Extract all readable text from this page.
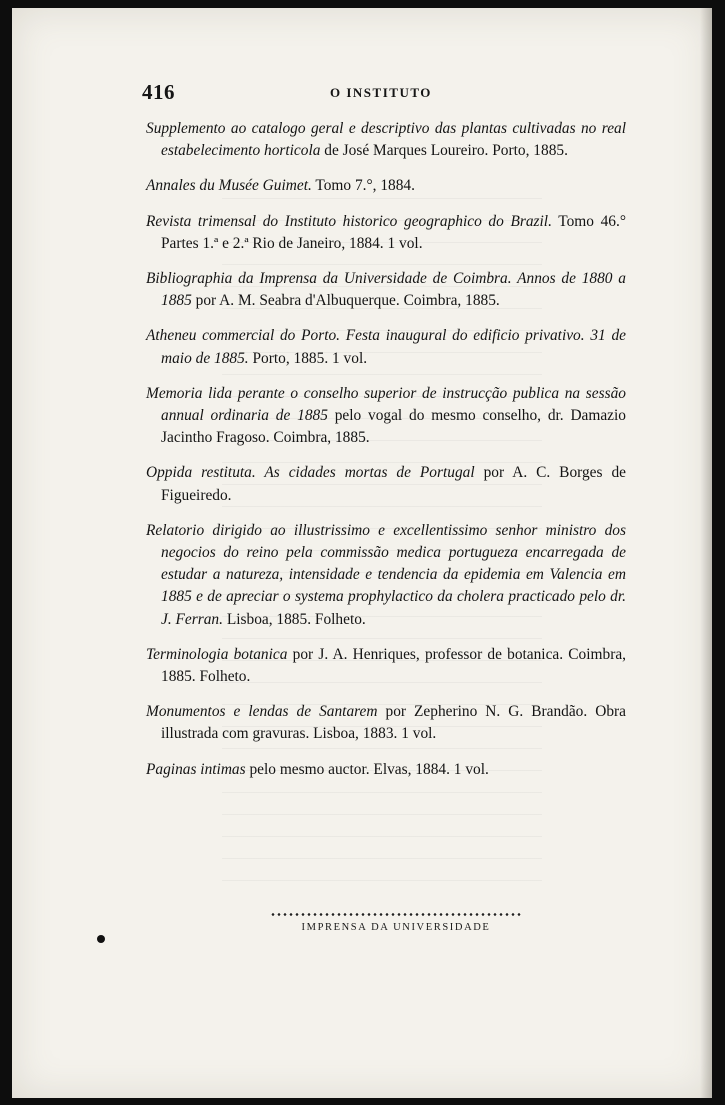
416	O INSTITUTO

Supplemento ao catalogo geral e descriptivo das plantas cultivadas no real estabelecimento horticola de José Marques Loureiro. Porto, 1885.

Annales du Musée Guimet. Tomo 7.°, 1884.

Revista trimensal do Instituto historico geographico do Brazil. Tomo 46.° Partes 1.ª e 2.ª Rio de Janeiro, 1884. 1 vol.

Bibliographia da Imprensa da Universidade de Coimbra. Annos de 1880 a 1885 por A. M. Seabra d'Albuquerque. Coimbra, 1885.

Atheneu commercial do Porto. Festa inaugural do edificio privativo. 31 de maio de 1885. Porto, 1885. 1 vol.

Memoria lida perante o conselho superior de instrucção publica na sessão annual ordinaria de 1885 pelo vogal do mesmo conselho, dr. Damazio Jacintho Fragoso. Coimbra, 1885.

Oppida restituta. As cidades mortas de Portugal por A. C. Borges de Figueiredo.

Relatorio dirigido ao illustrissimo e excellentissimo senhor ministro dos negocios do reino pela commissão medica portugueza encarregada de estudar a natureza, intensidade e tendencia da epidemia em Valencia em 1885 e de apreciar o systema prophylactico da cholera practicado pelo dr. J. Ferran. Lisboa, 1885. Folheto.

Terminologia botanica por J. A. Henriques, professor de botanica. Coimbra, 1885. Folheto.

Monumentos e lendas de Santarem por Zepherino N. G. Brandão. Obra illustrada com gravuras. Lisboa, 1883. 1 vol.

Paginas intimas pelo mesmo auctor. Elvas, 1884. 1 vol.

IMPRENSA DA UNIVERSIDADE
